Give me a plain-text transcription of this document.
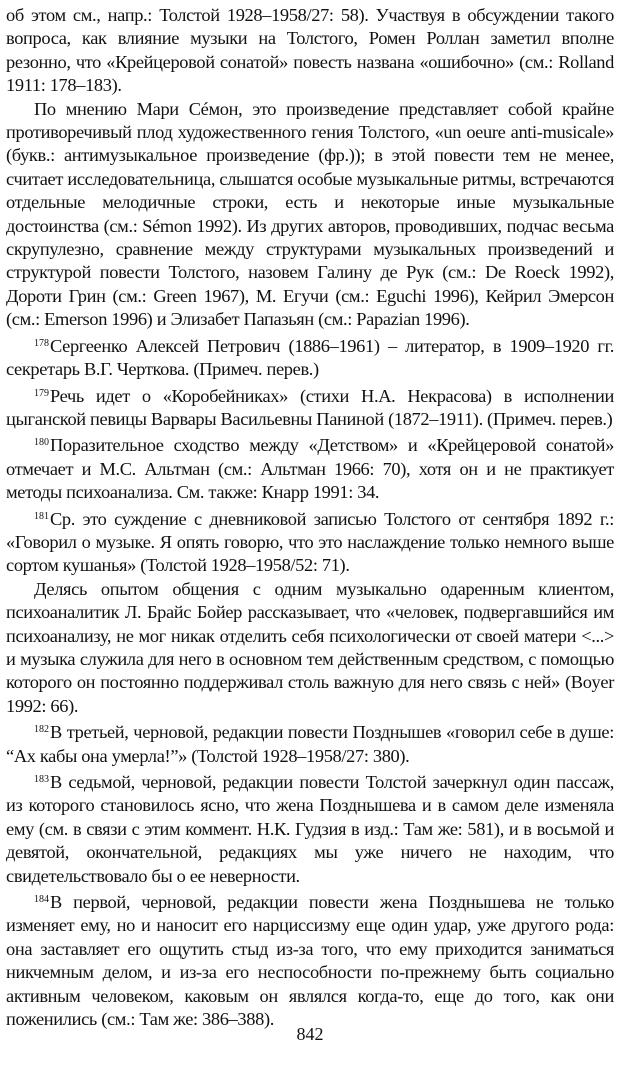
об этом см., напр.: Толстой 1928–1958/27: 58). Участвуя в обсуждении такого вопроса, как влияние музыки на Толстого, Ромен Роллан заметил вполне резонно, что «Крейцеровой сонатой» повесть названа «ошибочно» (см.: Rolland 1911: 178–183).

По мнению Мари Сéмон, это произведение представляет собой крайне противоречивый плод художественного гения Толстого, «un oeure anti-musicale» (букв.: антимузыкальное произведение (фр.)); в этой повести тем не менее, считает исследовательница, слышатся особые музыкальные ритмы, встречаются отдельные мелодичные строки, есть и некоторые иные музыкальные достоинства (см.: Sémon 1992). Из других авторов, проводивших, подчас весьма скрупулезно, сравнение между структурами музыкальных произведений и структурой повести Толстого, назовем Галину де Рук (см.: De Roeck 1992), Дороти Грин (см.: Green 1967), М. Егучи (см.: Eguchi 1996), Кейрил Эмерсон (см.: Emerson 1996) и Элизабет Папазьян (см.: Papazian 1996).

$^{178}$Сергеенко Алексей Петрович (1886–1961) – литератор, в 1909–1920 гг. секретарь В.Г. Черткова. (Примеч. перев.)

$^{179}$Речь идет о «Коробейниках» (стихи Н.А. Некрасова) в исполнении цыганской певицы Варвары Васильевны Паниной (1872–1911). (Примеч. перев.)

$^{180}$Поразительное сходство между «Детством» и «Крейцеровой сонатой» отмечает и М.С. Альтман (см.: Альтман 1966: 70), хотя он и не практикует методы психоанализа. См. также: Кнарр 1991: 34.

$^{181}$Ср. это суждение с дневниковой записью Толстого от сентября 1892 г.: «Говорил о музыке. Я опять говорю, что это наслаждение только немного выше сортом кушанья» (Толстой 1928–1958/52: 71).

Делясь опытом общения с одним музыкально одаренным клиентом, психоаналитик Л. Брайс Бойер рассказывает, что «человек, подвергавшийся им психоанализу, не мог никак отделить себя психологически от своей матери <...> и музыка служила для него в основном тем действенным средством, с помощью которого он постоянно поддерживал столь важную для него связь с ней» (Boyer 1992: 66).

$^{182}$В третьей, черновой, редакции повести Позднышев «говорил себе в душе: “Ах кабы она умерла!”» (Толстой 1928–1958/27: 380).

$^{183}$В седьмой, черновой, редакции повести Толстой зачеркнул один пассаж, из которого становилось ясно, что жена Позднышева и в самом деле изменяла ему (см. в связи с этим коммент. Н.К. Гудзия в изд.: Там же: 581), и в восьмой и девятой, окончательной, редакциях мы уже ничего не находим, что свидетельствовало бы о ее неверности.

$^{184}$В первой, черновой, редакции повести жена Позднышева не только изменяет ему, но и наносит его нарциссизму еще один удар, уже другого рода: она заставляет его ощутить стыд из-за того, что ему приходится заниматься никчемным делом, и из-за его неспособности по-прежнему быть социально активным человеком, каковым он являлся когда-то, еще до того, как они поженились (см.: Там же: 386–388).

842
